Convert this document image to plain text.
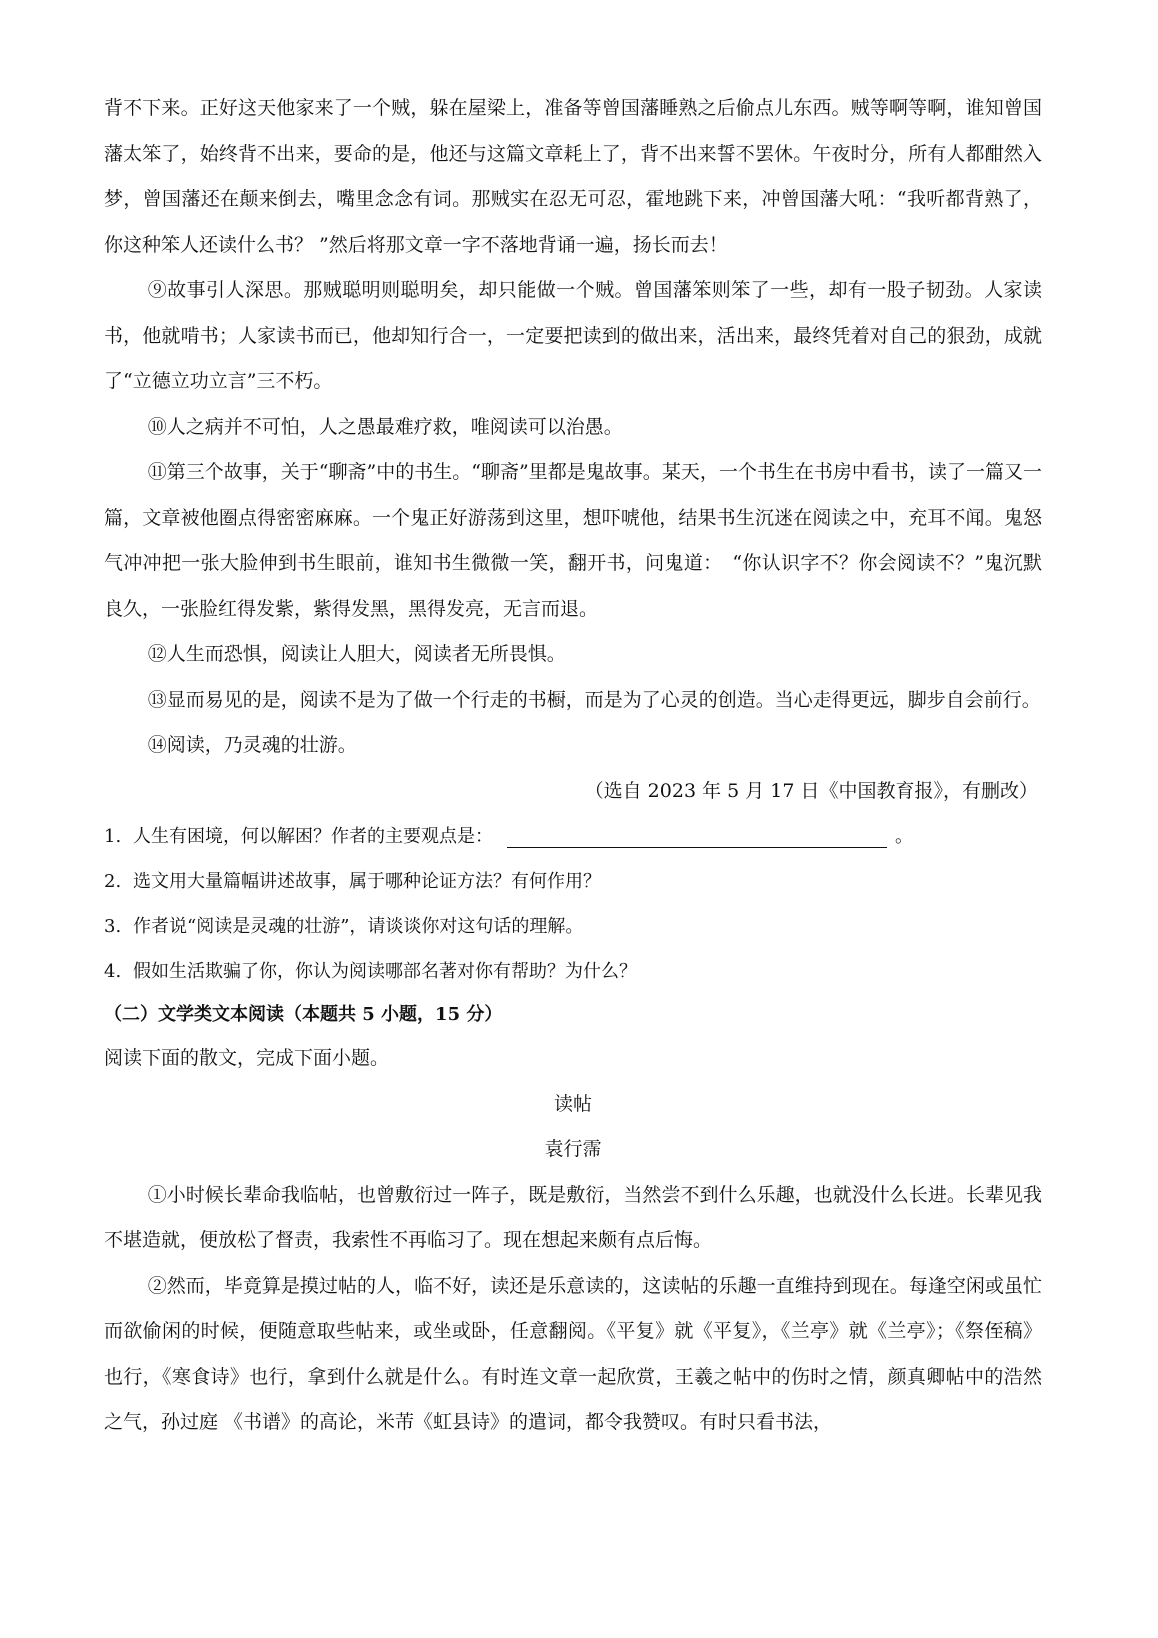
背不下来。正好这天他家来了一个贼，躲在屋梁上，准备等曾国藩睡熟之后偷点儿东西。贼等啊等啊，谁知曾国藩太笨了，始终背不出来，要命的是，他还与这篇文章耗上了，背不出来誓不罢休。午夜时分，所有人都酣然入梦，曾国藩还在颠来倒去，嘴里念念有词。那贼实在忍无可忍，霍地跳下来，冲曾国藩大吼：“我听都背熟了，你这种笨人还读什么书？ ”然后将那文章一字不落地背诵一遍，扬长而去！

⑨故事引人深思。那贼聪明则聪明矣，却只能做一个贼。曾国藩笨则笨了一些，却有一股子韧劲。人家读书，他就啃书；人家读书而已，他却知行合一，一定要把读到的做出来，活出来，最终凭着对自己的狠劲，成就了“立德立功立言”三不朽。

⑩人之病并不可怕，人之愚最难疗救，唯阅读可以治愚。

⑪第三个故事，关于“聊斋”中的书生。“聊斋”里都是鬼故事。某天，一个书生在书房中看书，读了一篇又一篇，文章被他圈点得密密麻麻。一个鬼正好游荡到这里，想吓唬他，结果书生沉迷在阅读之中，充耳不闻。鬼怒气冲冲把一张大脸伸到书生眼前，谁知书生微微一笑，翻开书，问鬼道：　“你认识字不？你会阅读不？”鬼沉默良久，一张脸红得发紫，紫得发黑，黑得发亮，无言而退。

⑫人生而恐惧，阅读让人胆大，阅读者无所畏惧。

⑬显而易见的是，阅读不是为了做一个行走的书橱，而是为了心灵的创造。当心走得更远，脚步自会前行。

⑭阅读，乃灵魂的壮游。

（选自 2023 年 5 月 17 日《中国教育报》，有删改）

1. 人生有困境，何以解困？作者的主要观点是：	。

2. 选文用大量篇幅讲述故事，属于哪种论证方法？有何作用？

3. 作者说“阅读是灵魂的壮游”，请谈谈你对这句话的理解。

4. 假如生活欺骗了你，你认为阅读哪部名著对你有帮助？为什么？

（二）文学类文本阅读（本题共 5 小题，15 分）

阅读下面的散文，完成下面小题。

读帖

袁行霈

①小时候长辈命我临帖，也曾敷衍过一阵子，既是敷衍，当然尝不到什么乐趣，也就没什么长进。长辈见我不堪造就，便放松了督责，我索性不再临习了。现在想起来颇有点后悔。

②然而，毕竟算是摸过帖的人，临不好，读还是乐意读的，这读帖的乐趣一直维持到现在。每逢空闲或虽忙而欲偷闲的时候，便随意取些帖来，或坐或卧，任意翻阅。《平复》就《平复》，《兰亭》就《兰亭》；《祭侄稿》也行，《寒食诗》也行，拿到什么就是什么。有时连文章一起欣赏，王羲之帖中的伤时之情，颜真卿帖中的浩然之气，孙过庭 《书谱》的高论，米芾《虹县诗》的遣词，都令我赞叹。有时只看书法，
